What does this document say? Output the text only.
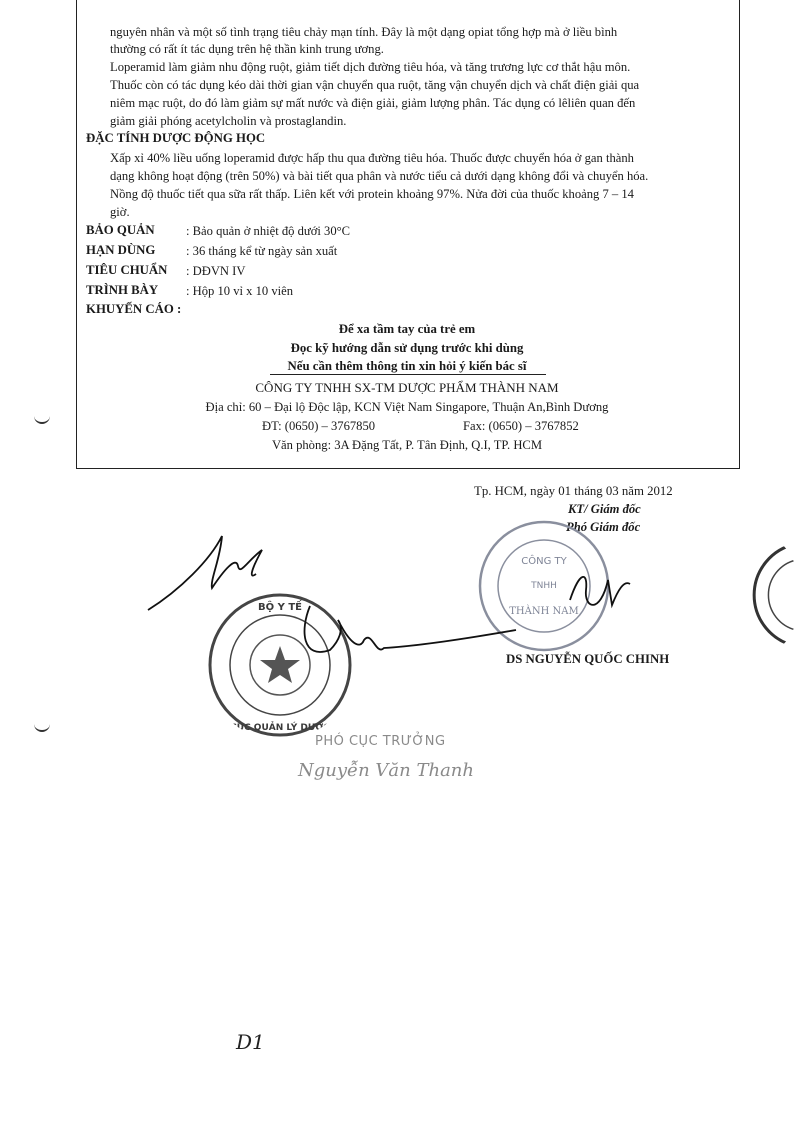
nguyên nhân và một số tình trạng tiêu chảy mạn tính. Đây là một dạng opiat tổng hợp mà ở liều bình
thường có rất ít tác dụng trên hệ thần kinh trung ương.
Loperamid làm giảm nhu động ruột, giảm tiết dịch đường tiêu hóa, và tăng trương lực cơ thắt hậu môn.
Thuốc còn có tác dụng kéo dài thời gian vận chuyển qua ruột, tăng vận chuyển dịch và chất điện giải qua
niêm mạc ruột, do đó làm giảm sự mất nước và điện giải, giảm lượng phân. Tác dụng có lêliên quan đến
giảm giải phóng acetylcholin và prostaglandin.
ĐẶC TÍNH DƯỢC ĐỘNG HỌC
Xấp xỉ 40% liều uống loperamid được hấp thu qua đường tiêu hóa. Thuốc được chuyển hóa ở gan thành
dạng không hoạt động (trên 50%) và bài tiết qua phân và nước tiểu cả dưới dạng không đổi và chuyển hóa.
Nồng độ thuốc tiết qua sữa rất thấp. Liên kết với protein khoảng 97%. Nửa đời của thuốc khoảng 7 – 14
giờ.
BẢO QUẢN : Bảo quản ở nhiệt độ dưới 30°C
HẠN DÙNG : 36 tháng kể từ ngày sản xuất
TIÊU CHUẨN : DĐVN IV
TRÌNH BÀY : Hộp 10 vỉ x 10 viên
KHUYẾN CÁO :
Để xa tầm tay của trẻ em
Đọc kỹ hướng dẫn sử dụng trước khi dùng
Nếu cần thêm thông tin xin hỏi ý kiến bác sĩ
CÔNG TY TNHH SX-TM DƯỢC PHẨM THÀNH NAM
Địa chỉ: 60 – Đại lộ Độc lập, KCN Việt Nam Singapore, Thuận An,Bình Dương
ĐT: (0650) – 3767850	Fax: (0650) – 3767852
Văn phòng: 3A Đặng Tất, P. Tân Định, Q.I, TP. HCM
Tp. HCM, ngày 01 tháng 03 năm 2012
KT/ Giám đốc
Phó Giám đốc
DS NGUYỄN QUỐC CHINH
CÔNG TY
TNHH
THÀNH NAM
BỘ Y TẾ
CỤC QUẢN LÝ DƯỢC
PHÓ CỤC TRƯỞNG
Nguyễn Văn Thanh
D1
